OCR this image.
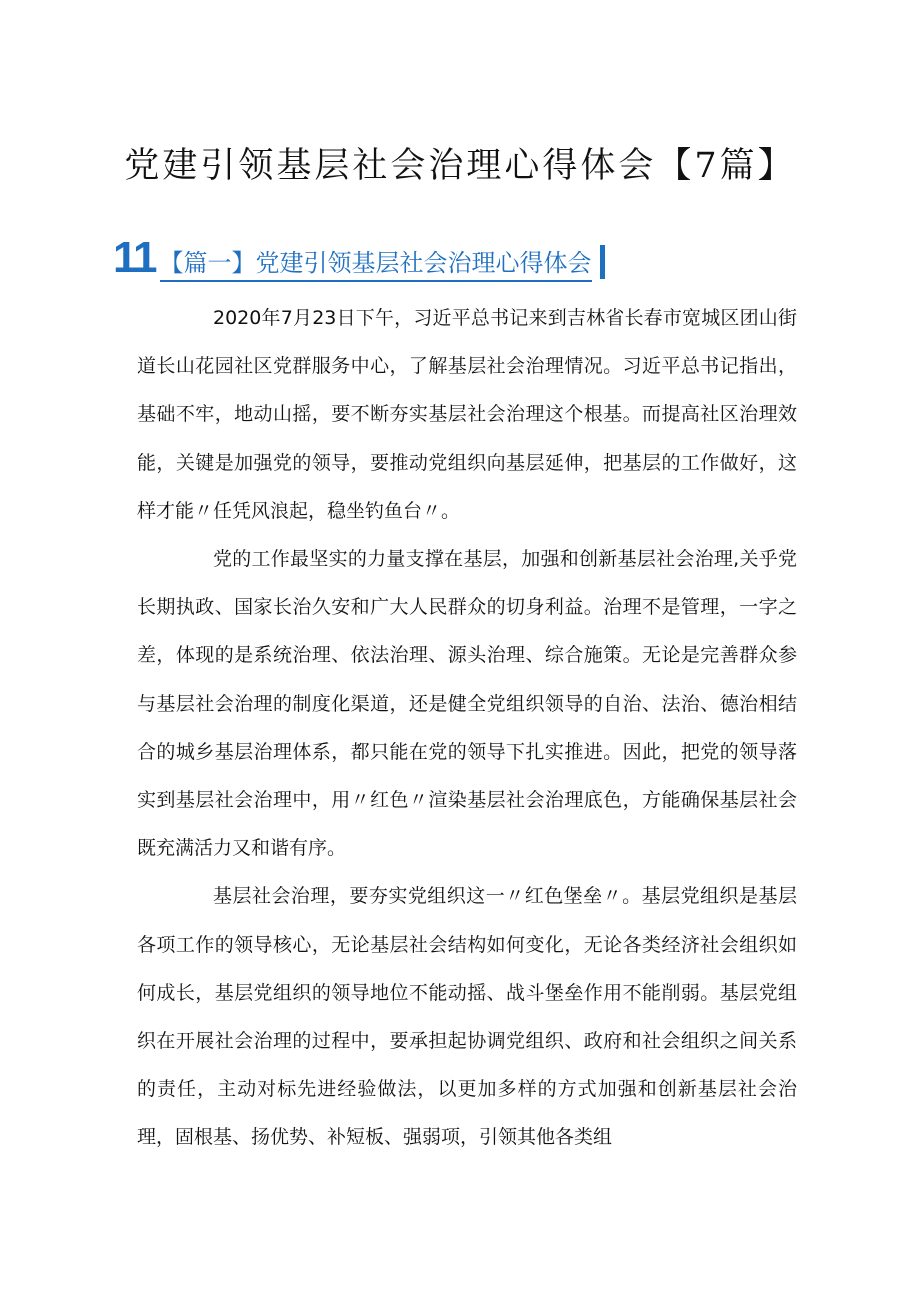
党建引领基层社会治理心得体会【7篇】
11 【篇一】党建引领基层社会治理心得体会

2020年7月23日下午，习近平总书记来到吉林省长春市宽城区团山街道长山花园社区党群服务中心，了解基层社会治理情况。习近平总书记指出，基础不牢，地动山摇，要不断夯实基层社会治理这个根基。而提高社区治理效能，关键是加强党的领导，要推动党组织向基层延伸，把基层的工作做好，这样才能〃任凭风浪起，稳坐钓鱼台〃。

党的工作最坚实的力量支撑在基层，加强和创新基层社会治理,关乎党长期执政、国家长治久安和广大人民群众的切身利益。治理不是管理，一字之差，体现的是系统治理、依法治理、源头治理、综合施策。无论是完善群众参与基层社会治理的制度化渠道，还是健全党组织领导的自治、法治、德治相结合的城乡基层治理体系，都只能在党的领导下扎实推进。因此，把党的领导落实到基层社会治理中，用〃红色〃渲染基层社会治理底色，方能确保基层社会既充满活力又和谐有序。

基层社会治理，要夯实党组织这一〃红色堡垒〃。基层党组织是基层各项工作的领导核心，无论基层社会结构如何变化，无论各类经济社会组织如何成长，基层党组织的领导地位不能动摇、战斗堡垒作用不能削弱。基层党组织在开展社会治理的过程中，要承担起协调党组织、政府和社会组织之间关系的责任，主动对标先进经验做法，以更加多样的方式加强和创新基层社会治理，固根基、扬优势、补短板、强弱项，引领其他各类组
